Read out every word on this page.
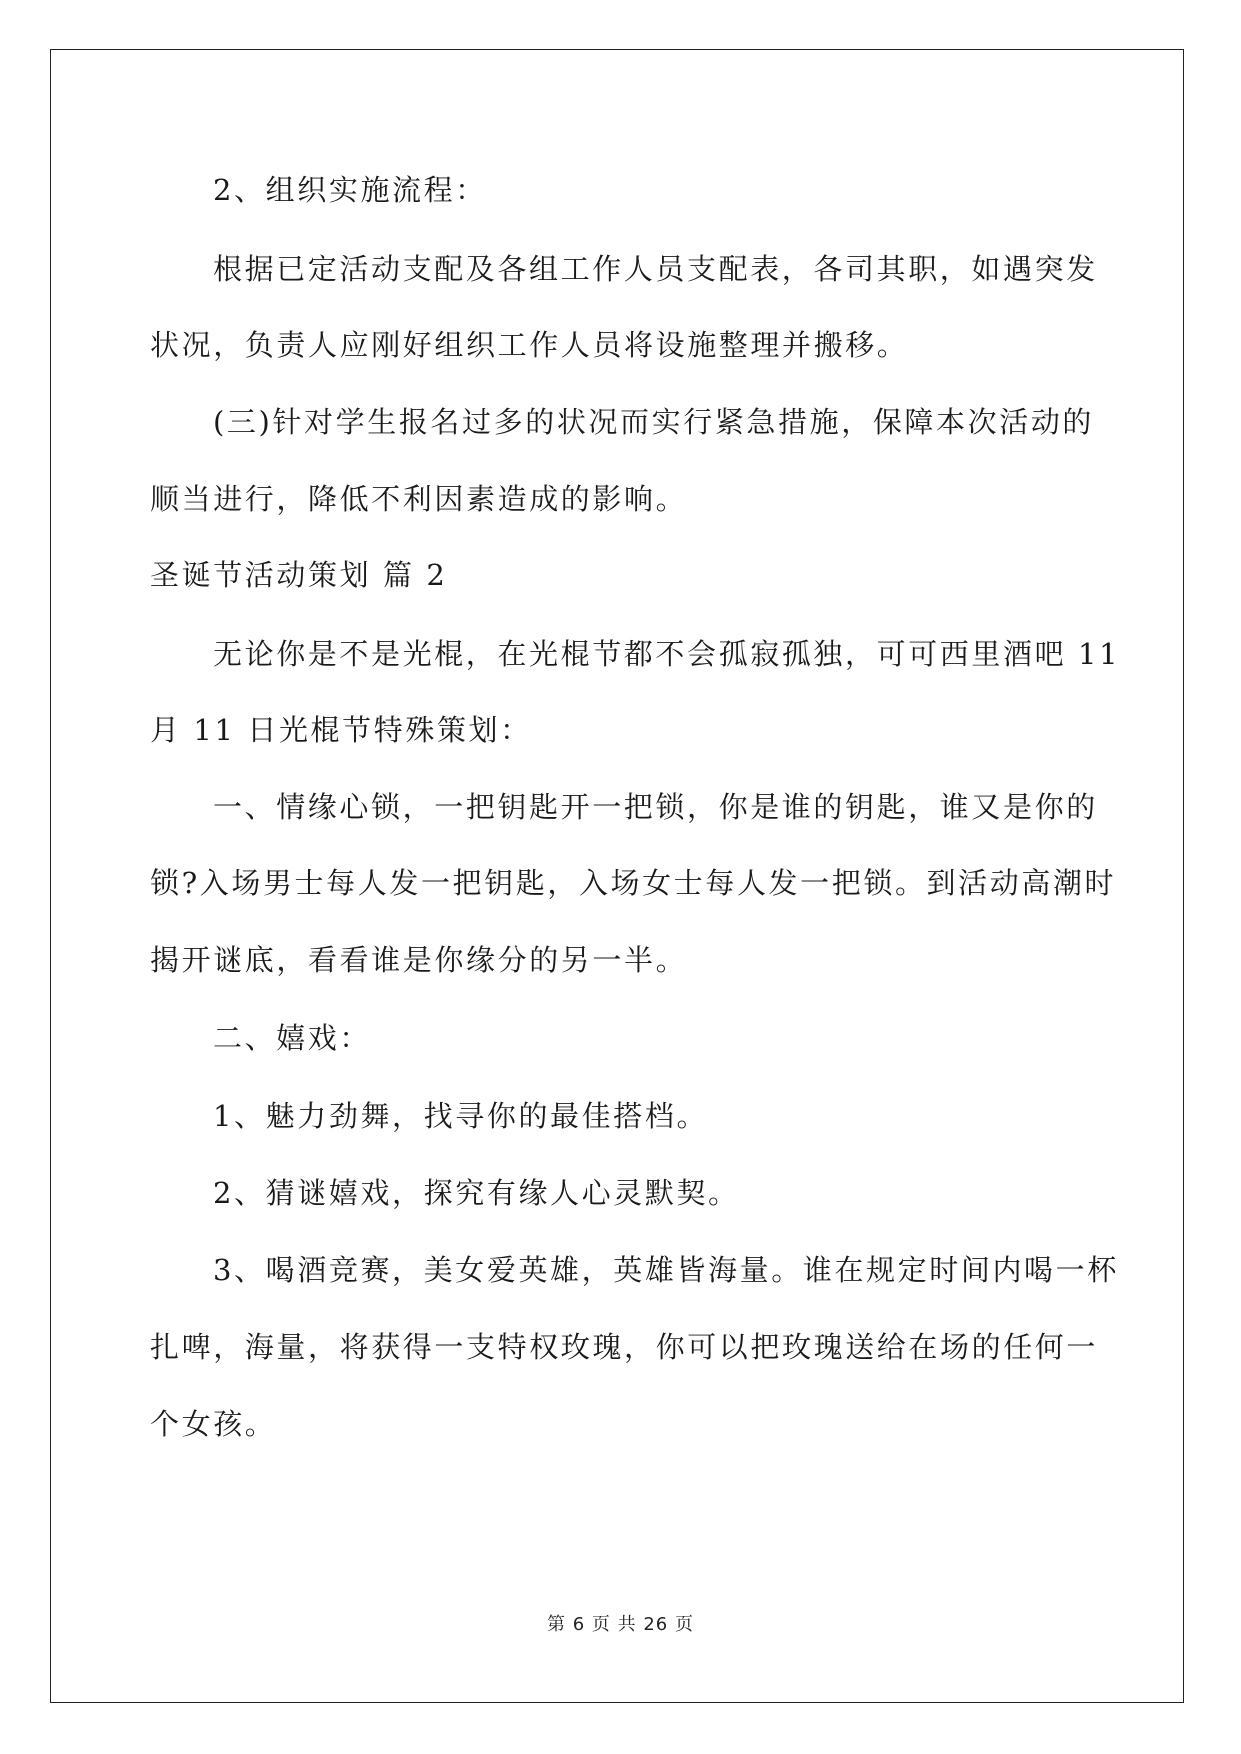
2、组织实施流程：
根据已定活动支配及各组工作人员支配表，各司其职，如遇突发
状况，负责人应刚好组织工作人员将设施整理并搬移。
(三)针对学生报名过多的状况而实行紧急措施，保障本次活动的
顺当进行，降低不利因素造成的影响。
圣诞节活动策划 篇 2
无论你是不是光棍，在光棍节都不会孤寂孤独，可可西里酒吧 11
月 11 日光棍节特殊策划：
一、情缘心锁，一把钥匙开一把锁，你是谁的钥匙，谁又是你的
锁?入场男士每人发一把钥匙，入场女士每人发一把锁。到活动高潮时
揭开谜底，看看谁是你缘分的另一半。
二、嬉戏：
1、魅力劲舞，找寻你的最佳搭档。
2、猜谜嬉戏，探究有缘人心灵默契。
3、喝酒竞赛，美女爱英雄，英雄皆海量。谁在规定时间内喝一杯
扎啤，海量，将获得一支特权玫瑰，你可以把玫瑰送给在场的任何一
个女孩。
第 6 页 共 26 页
